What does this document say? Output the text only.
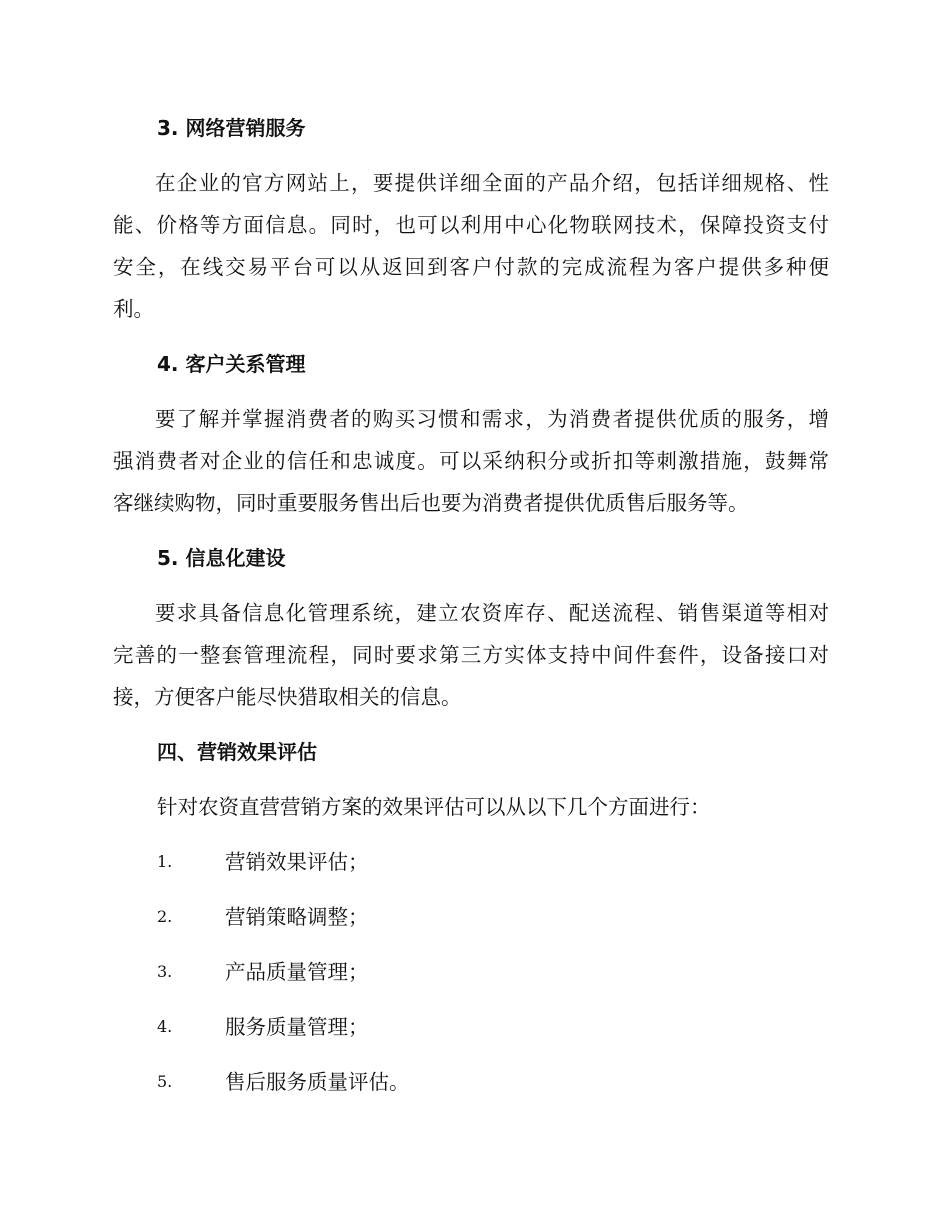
3. 网络营销服务
在企业的官方网站上，要提供详细全面的产品介绍，包括详细规格、性
能、价格等方面信息。同时，也可以利用中心化物联网技术，保障投资支付
安全，在线交易平台可以从返回到客户付款的完成流程为客户提供多种便
利。
4. 客户关系管理
要了解并掌握消费者的购买习惯和需求，为消费者提供优质的服务，增
强消费者对企业的信任和忠诚度。可以采纳积分或折扣等刺激措施，鼓舞常
客继续购物，同时重要服务售出后也要为消费者提供优质售后服务等。
5. 信息化建设
要求具备信息化管理系统，建立农资库存、配送流程、销售渠道等相对
完善的一整套管理流程，同时要求第三方实体支持中间件套件，设备接口对
接，方便客户能尽快猎取相关的信息。
四、营销效果评估
针对农资直营营销方案的效果评估可以从以下几个方面进行：
1.	营销效果评估；
2.	营销策略调整；
3.	产品质量管理；
4.	服务质量管理；
5.	售后服务质量评估。
